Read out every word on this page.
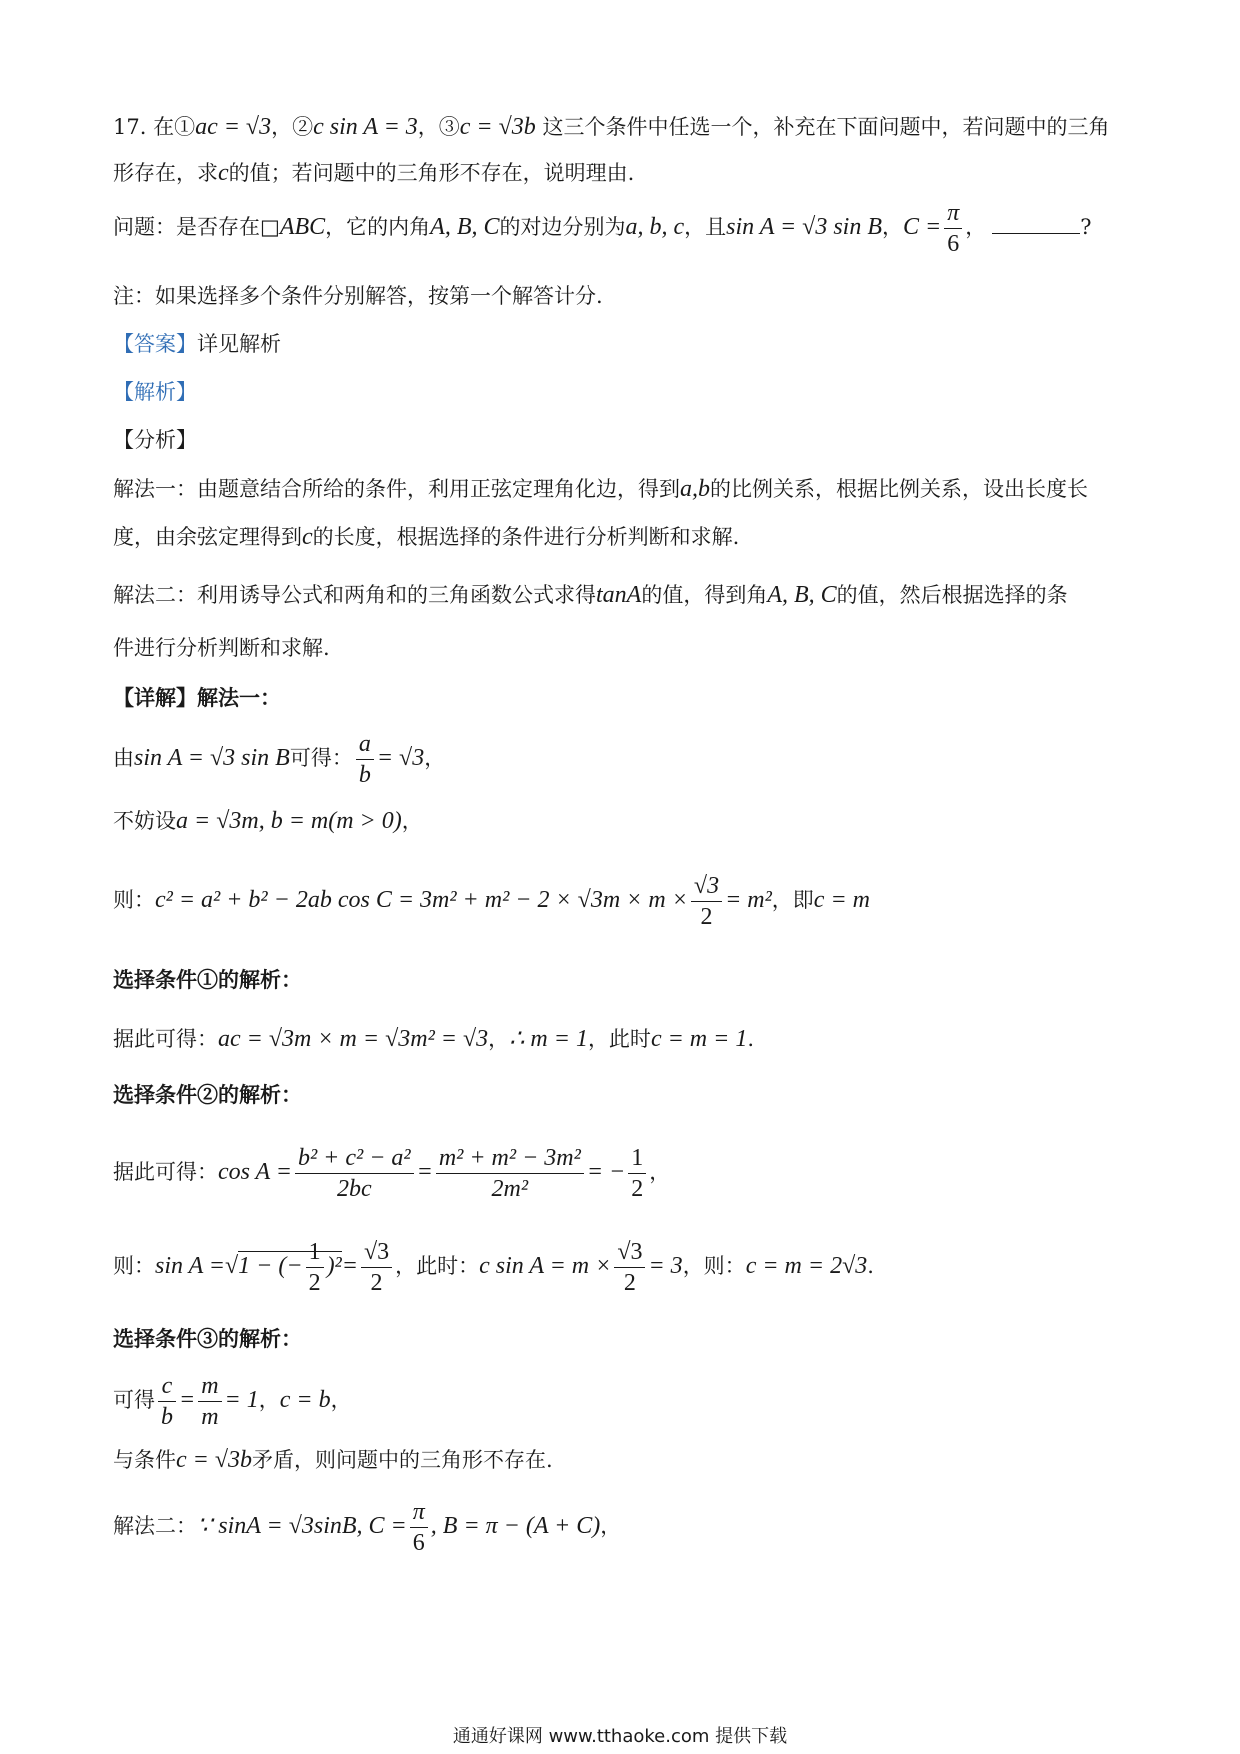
17. 在①ac = √3，②c sin A = 3，③c = √3b 这三个条件中任选一个，补充在下面问题中，若问题中的三角
形存在，求c的值；若问题中的三角形不存在，说明理由.
问题：是否存在□ABC，它的内角A, B, C的对边分别为a, b, c，且sin A = √3 sin B，$C = \frac{\pi}{6}$ ，	?
注：如果选择多个条件分别解答，按第一个解答计分.
【答案】详见解析
【解析】
【分析】
解法一：由题意结合所给的条件，利用正弦定理角化边，得到a,b的比例关系，根据比例关系，设出长度长
度，由余弦定理得到c的长度，根据选择的条件进行分析判断和求解.
解法二：利用诱导公式和两角和的三角函数公式求得tanA的值，得到角A, B, C的值，然后根据选择的条
件进行分析判断和求解.
【详解】解法一：
由sin A = √3 sin B可得： $\frac{a}{b} = √3$，
不妨设a = √3m, b = m(m > 0)，
则：c² = a² + b² − 2ab $\cos C = 3m^2 + m^2 - 2 \times √3m \times m \times \frac{√3}{2} = m^2$，即c = m
选择条件①的解析：
据此可得：ac = √3m × m = √3m² = √3，∴ m = 1，此时c = m = 1.
选择条件②的解析：
据此可得：$\cos A = \frac{\text{b² + c² − a²}}{2bc} = \frac{\text{m² + m² − 3m²}}{\text{2m²}}$ = − $\frac{1}{2}$ ，
则：sin A =√1 − (− $\frac{1}{2} )^2= \frac{√3}{2}$ ，此时：c $\sin A = m \times \frac{√3}{2} = 3$，则：c = m = 2√3.
选择条件③的解析：
可得 $\frac{c}{b} = \frac{m}{m} = 1$，c = b，
与条件c = √3b矛盾，则问题中的三角形不存在.
解法二：∵ sinA = √3sinB, $C = \frac{\pi}{6}$ , B = π − (A + C)，
通通好课网 www.tthaoke.com 提供下载
